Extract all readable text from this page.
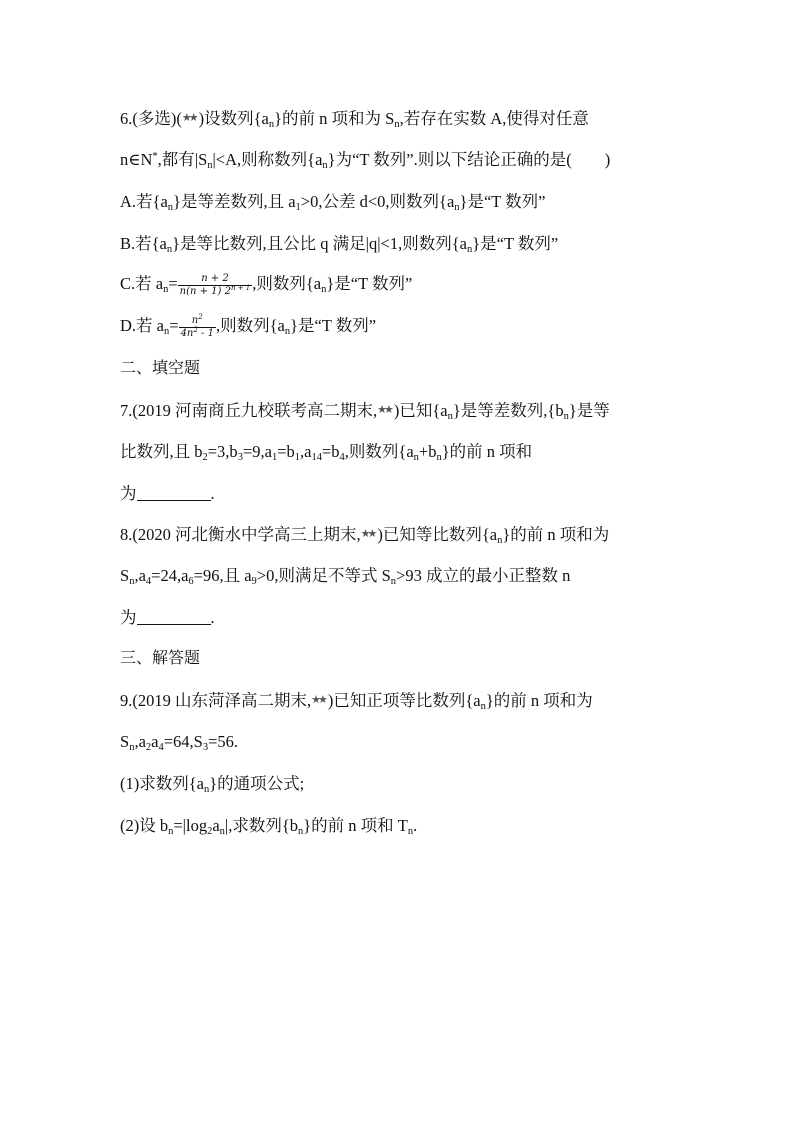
6.(多选)(★★ )设数列$\{a_n\}$的前 n 项和为 $S_n$,若存在实数 A,使得对任意
n∈N*,都有$|S_n|<A$,则称数列$\{a_n\}$为“T 数列”.则以下结论正确的是(　　)
A.若$\{a_n\}$是等差数列,且 $a_1>0$,公差 d<0,则数列$\{a_n\}$是“T 数列”
B.若$\{a_n\}$是等比数列,且公比 q 满足|q|<1,则数列$\{a_n\}$是“T 数列”
C.若 $a_n= \frac{n + 2}{n(n + 1) 2^{n + 1}}$ ,则数列$\{a_n\}$是“T 数列”
D.若 $a_n= \frac{n^2}{4n^2 - 1}$ ,则数列$\{a_n\}$是“T 数列”
二、填空题
7.(2019 河南商丘九校联考高二期末,★★ )已知$\{a_n\}$是等差数列$,\{b_n\}$是等
比数列,且 $b_2=3,b_3=9,a_1=b_1,a_{14}=b_4$,则数列$\{a_n+b_n\}$的前 n 项和
为	.
8.(2020 河北衡水中学高三上期末,★★ )已知等比数列$\{a_n\}$的前 n 项和为
$S_n,a_4=24,a_6=96$,且 $a_9>0$,则满足不等式 $S_n>93$ 成立的最小正整数 n
为	.
三、解答题
9.(2019 山东菏泽高二期末,★★ )已知正项等比数列$\{a_n\}$的前 n 项和为
$S_n,a_2a_4=64,S_3=56$.
(1)求数列$\{a_n\}$的通项公式;
(2)设 $b_n=|\log_2a_n|$,求数列$\{b_n\}$的前 n 项和 $T_n$.
